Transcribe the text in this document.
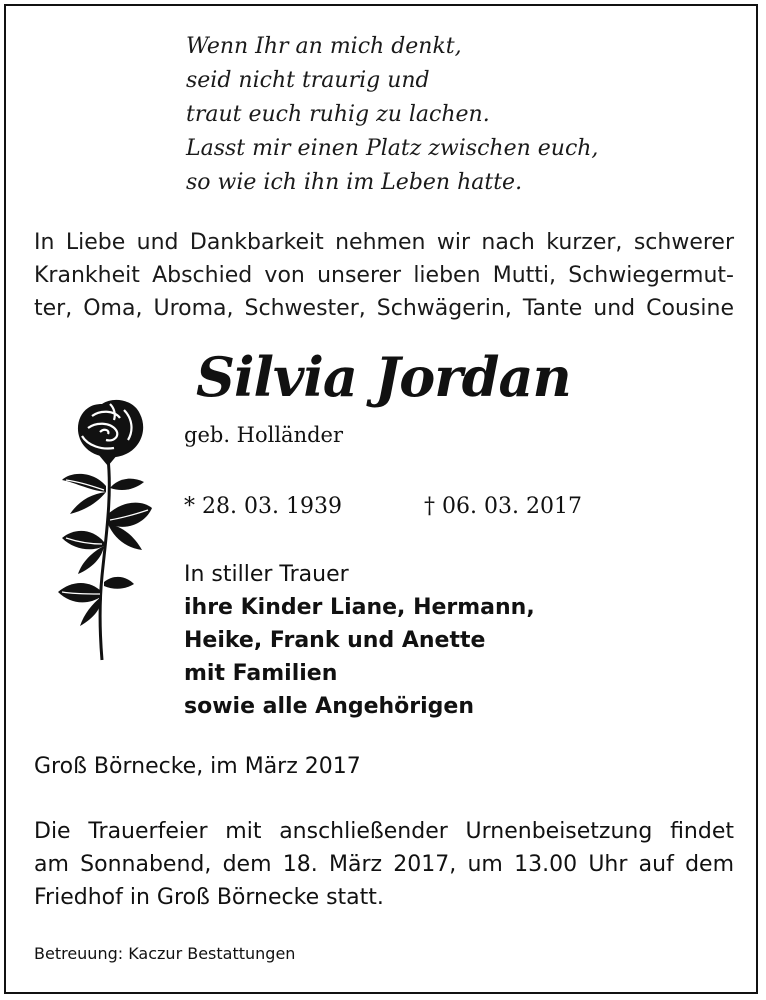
Wenn Ihr an mich denkt,
seid nicht traurig und
traut euch ruhig zu lachen.
Lasst mir einen Platz zwischen euch,
so wie ich ihn im Leben hatte.
In Liebe und Dankbarkeit nehmen wir nach kurzer, schwerer
Krankheit Abschied von unserer lieben Mutti, Schwiegermut-
ter, Oma, Uroma, Schwester, Schwägerin, Tante und Cousine
Silvia Jordan
geb. Holländer
* 28. 03. 1939	† 06. 03. 2017
In stiller Trauer
ihre Kinder Liane, Hermann,
Heike, Frank und Anette
mit Familien
sowie alle Angehörigen
Groß Börnecke, im März 2017
Die Trauerfeier mit anschließender Urnenbeisetzung findet
am Sonnabend, dem 18. März 2017, um 13.00 Uhr auf dem
Friedhof in Groß Börnecke statt.
Betreuung: Kaczur Bestattungen
